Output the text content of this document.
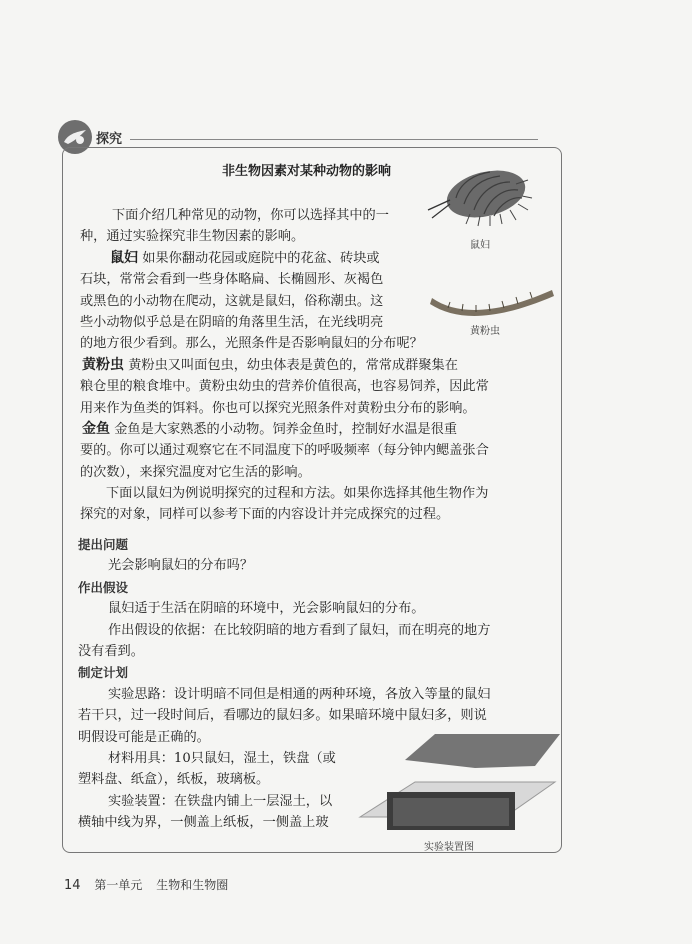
探究
非生物因素对某种动物的影响
鼠妇
黄粉虫
实验装置图
下面介绍几种常见的动物，你可以选择其中的一
种，通过实验探究非生物因素的影响。
鼠妇 如果你翻动花园或庭院中的花盆、砖块或
石块，常常会看到一些身体略扁、长椭圆形、灰褐色
或黑色的小动物在爬动，这就是鼠妇，俗称潮虫。这
些小动物似乎总是在阴暗的角落里生活，在光线明亮
的地方很少看到。那么，光照条件是否影响鼠妇的分布呢？
黄粉虫 黄粉虫又叫面包虫，幼虫体表是黄色的，常常成群聚集在
粮仓里的粮食堆中。黄粉虫幼虫的营养价值很高，也容易饲养，因此常
用来作为鱼类的饵料。你也可以探究光照条件对黄粉虫分布的影响。
金鱼 金鱼是大家熟悉的小动物。饲养金鱼时，控制好水温是很重
要的。你可以通过观察它在不同温度下的呼吸频率（每分钟内鳃盖张合
的次数），来探究温度对它生活的影响。
下面以鼠妇为例说明探究的过程和方法。如果你选择其他生物作为
探究的对象，同样可以参考下面的内容设计并完成探究的过程。
提出问题
光会影响鼠妇的分布吗？
作出假设
鼠妇适于生活在阴暗的环境中，光会影响鼠妇的分布。
作出假设的依据：在比较阴暗的地方看到了鼠妇，而在明亮的地方
没有看到。
制定计划
实验思路：设计明暗不同但是相通的两种环境，各放入等量的鼠妇
若干只，过一段时间后，看哪边的鼠妇多。如果暗环境中鼠妇多，则说
明假设可能是正确的。
材料用具：10只鼠妇，湿土，铁盘（或
塑料盘、纸盒），纸板，玻璃板。
实验装置：在铁盘内铺上一层湿土，以
横轴中线为界，一侧盖上纸板，一侧盖上玻
14 第一单元 生物和生物圈
